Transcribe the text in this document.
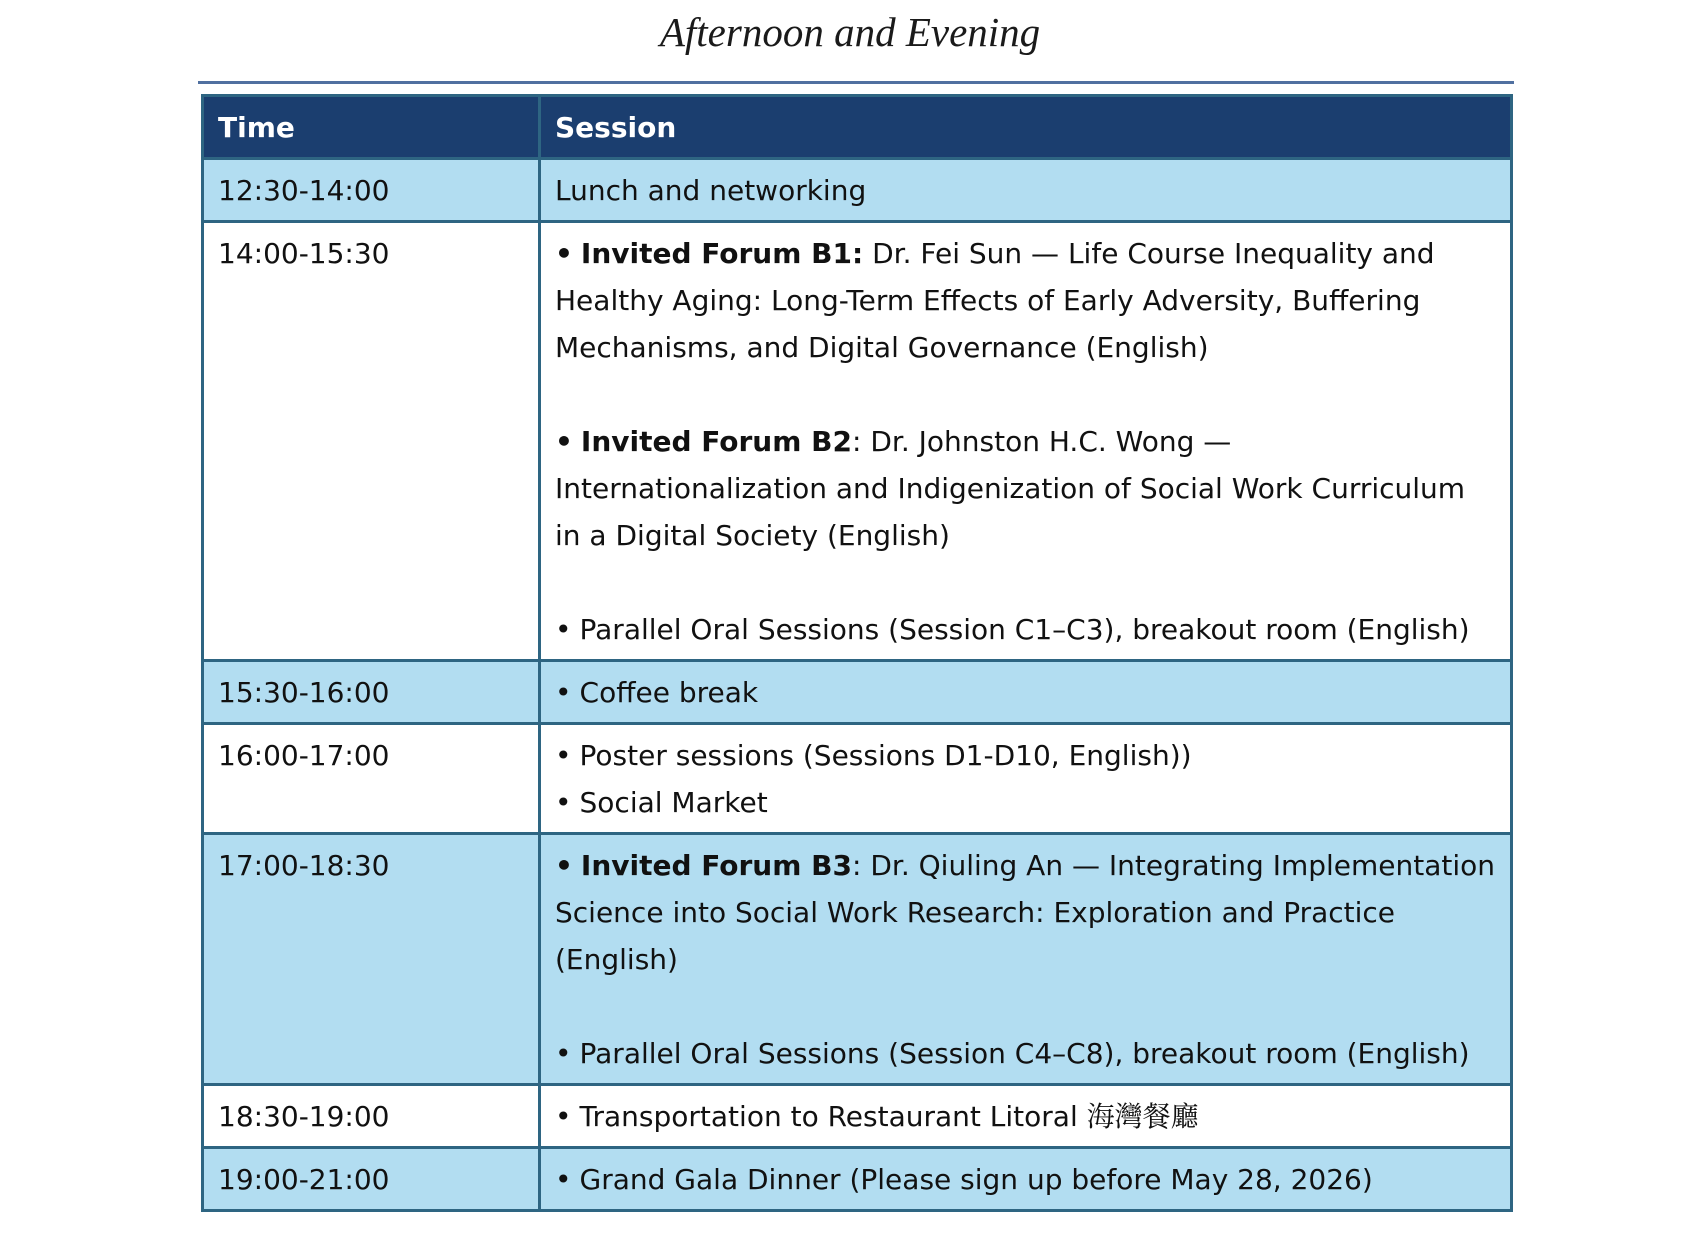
Afternoon and Evening
Time	Session
12:30-14:00	Lunch and networking
14:00-15:30	• Invited Forum B1: Dr. Fei Sun — Life Course Inequality and Healthy Aging: Long-Term Effects of Early Adversity, Buffering Mechanisms, and Digital Governance (English)
• Invited Forum B2: Dr. Johnston H.C. Wong — Internationalization and Indigenization of Social Work Curriculum in a Digital Society (English)
• Parallel Oral Sessions (Session C1–C3), breakout room (English)

15:30-16:00	• Coffee break

16:00-17:00	• Poster sessions (Sessions D1-D10, English))
• Social Market

17:00-18:30	• Invited Forum B3: Dr. Qiuling An — Integrating Implementation Science into Social Work Research: Exploration and Practice (English)
• Parallel Oral Sessions (Session C4–C8), breakout room (English)

18:30-19:00	• Transportation to Restaurant Litoral 海灣餐廳

19:00-21:00	• Grand Gala Dinner (Please sign up before May 28, 2026)
